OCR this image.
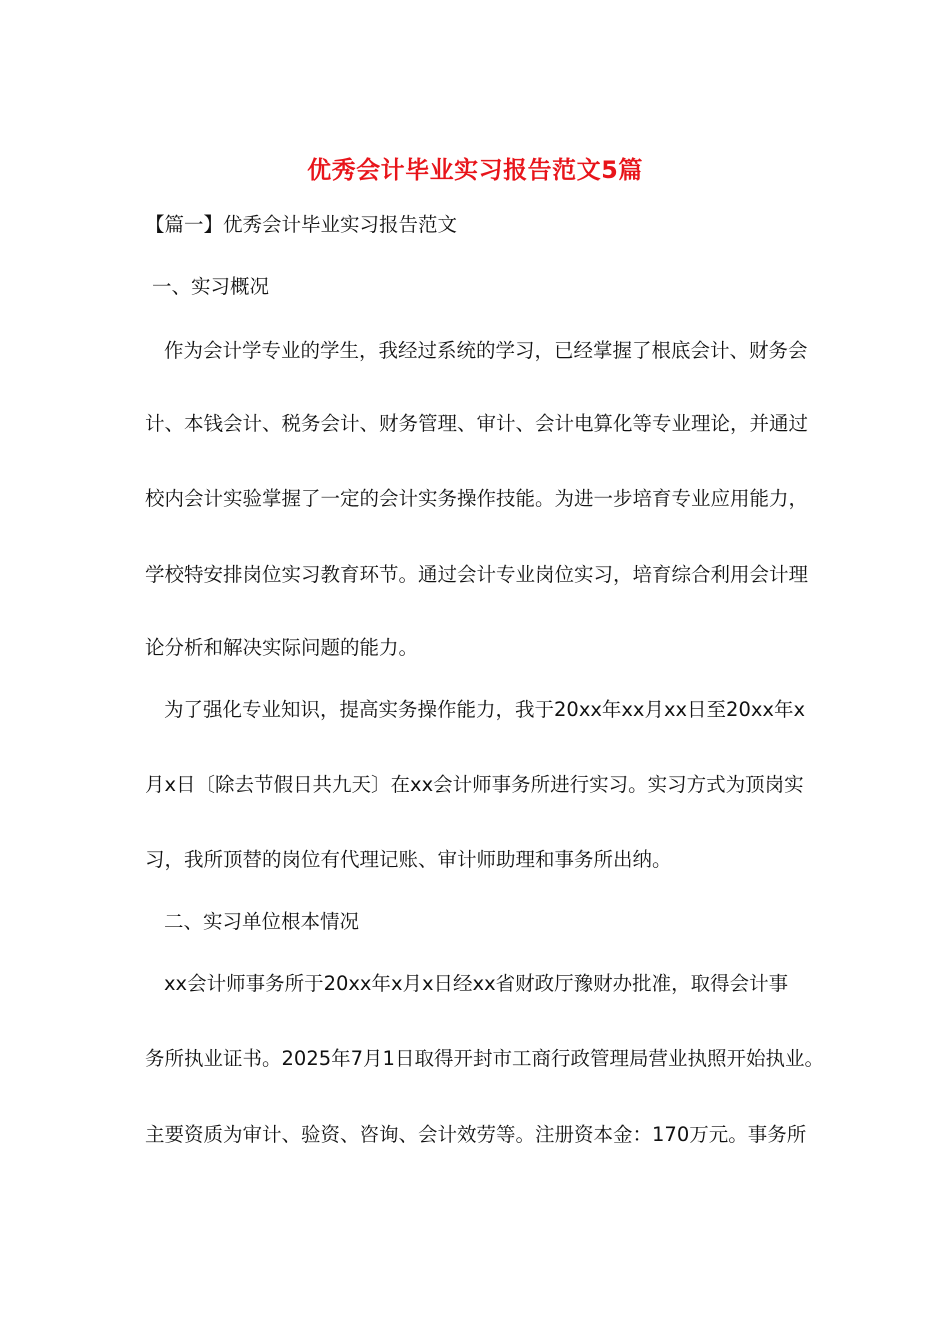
优秀会计毕业实习报告范文5篇
【篇一】优秀会计毕业实习报告范文
一、实习概况
作为会计学专业的学生，我经过系统的学习，已经掌握了根底会计、财务会
计、本钱会计、税务会计、财务管理、审计、会计电算化等专业理论，并通过
校内会计实验掌握了一定的会计实务操作技能。为进一步培育专业应用能力，
学校特安排岗位实习教育环节。通过会计专业岗位实习，培育综合利用会计理
论分析和解决实际问题的能力。
为了强化专业知识，提高实务操作能力，我于20xx年xx月xx日至20xx年x
月x日〔除去节假日共九天〕在xx会计师事务所进行实习。实习方式为顶岗实
习，我所顶替的岗位有代理记账、审计师助理和事务所出纳。
二、实习单位根本情况
xx会计师事务所于20xx年x月x日经xx省财政厅豫财办批准，取得会计事
务所执业证书。2025年7月1日取得开封市工商行政管理局营业执照开始执业。
主要资质为审计、验资、咨询、会计效劳等。注册资本金：170万元。事务所
